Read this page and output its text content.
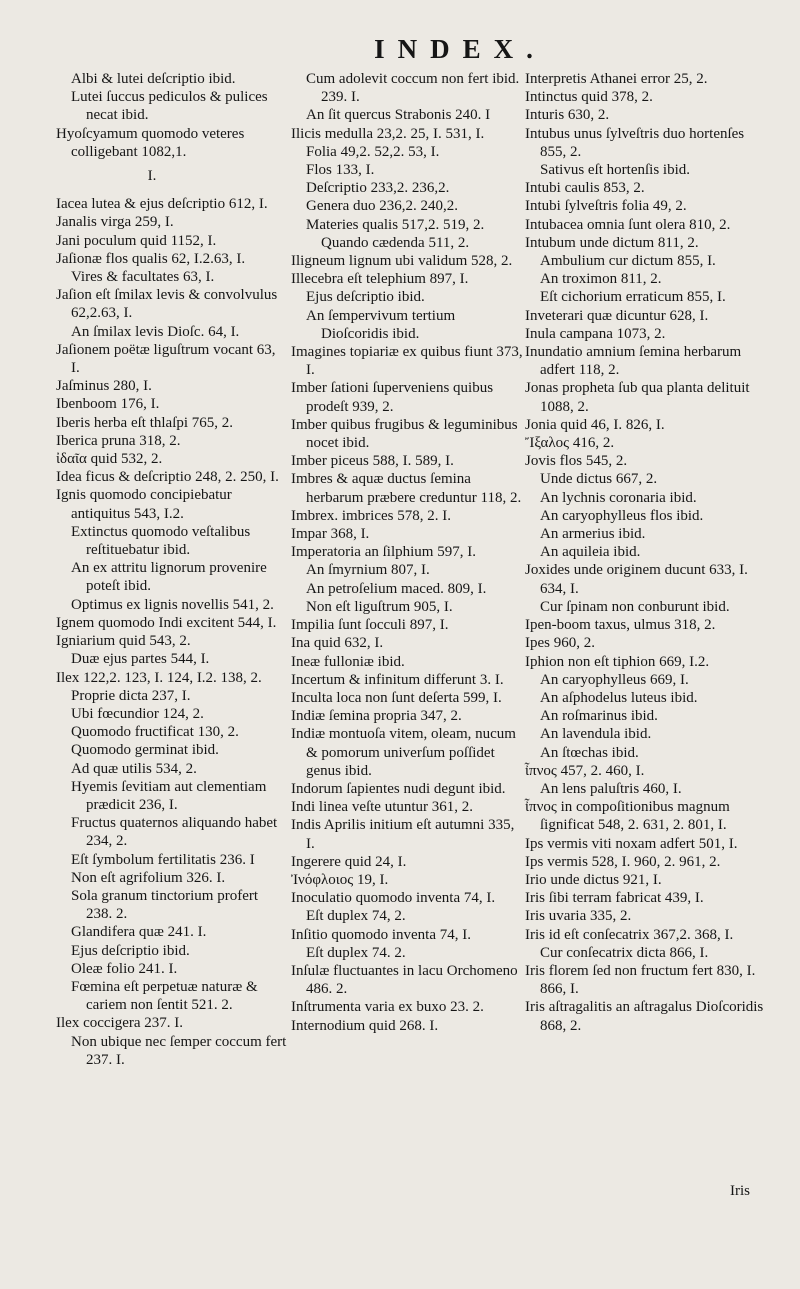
INDEX.
Albi & lutei deſcriptio ibid.
Lutei ſuccus pediculos & pulices necat ibid.
Hyoſcyamum quomodo veteres colligebant 1082,1.
I.
Iacea lutea & ejus deſcriptio 612, I.
Janalis virga 259, I.
Jani poculum quid 1152, I.
Jaſionæ flos qualis 62, I.2.63, I.
Vires & facultates 63, I.
Jaſion eſt ſmilax levis & convolvulus 62,2.63, I.
An ſmilax levis Dioſc. 64, I.
Jaſionem poëtæ liguſtrum vocant 63, I.
Jaſminus 280, I.
Ibenboom 176, I.
Iberis herba eſt thlaſpi 765, 2.
Iberica pruna 318, 2.
ἰδαῖα quid 532, 2.
Idea ficus & deſcriptio 248, 2. 250, I.
Ignis quomodo concipiebatur antiquitus 543, I.2.
Extinctus quomodo veſtalibus reſtituebatur ibid.
An ex attritu lignorum provenire poteſt ibid.
Optimus ex lignis novellis 541, 2.
Ignem quomodo Indi excitent 544, I.
Igniarium quid 543, 2.
Duæ ejus partes 544, I.
Ilex 122,2. 123, I. 124, I.2. 138, 2.
Proprie dicta 237, I.
Ubi fœcundior 124, 2.
Quomodo fructificat 130, 2.
Quomodo germinat ibid.
Ad quæ utilis 534, 2.
Hyemis ſevitiam aut clementiam prædicit 236, I.
Fructus quaternos aliquando habet 234, 2.
Eſt ſymbolum fertilitatis 236. I
Non eſt agrifolium 326. I.
Sola granum tinctorium profert 238. 2.
Glandifera quæ 241. I.
Ejus deſcriptio ibid.
Oleæ folio 241. I.
Fœmina eſt perpetuæ naturæ & cariem non ſentit 521. 2.
Ilex coccigera 237. I.
Non ubique nec ſemper coccum fert 237. I.
Cum adolevit coccum non fert ibid. 239. I.
An ſit quercus Strabonis 240. I
Ilicis medulla 23,2. 25, I. 531, I.
Folia 49,2. 52,2. 53, I.
Flos 133, I.
Deſcriptio 233,2. 236,2.
Genera duo 236,2. 240,2.
Materies qualis 517,2. 519, 2.
Quando cædenda 511, 2.
Iligneum lignum ubi validum 528, 2.
Illecebra eſt telephium 897, I.
Ejus deſcriptio ibid.
An ſempervivum tertium Dioſcoridis ibid.
Imagines topiariæ ex quibus fiunt 373, I.
Imber ſationi ſuperveniens quibus prodeſt 939, 2.
Imber quibus frugibus & leguminibus nocet ibid.
Imber piceus 588, I. 589, I.
Imbres & aquæ ductus ſemina herbarum præbere creduntur 118, 2.
Imbrex. imbrices 578, 2. I.
Impar 368, I.
Imperatoria an ſilphium 597, I.
An ſmyrnium 807, I.
An petroſelium maced. 809, I.
Non eſt liguſtrum 905, I.
Impilia ſunt ſocculi 897, I.
Ina quid 632, I.
Ineæ fulloniæ ibid.
Incertum & infinitum differunt 3. I.
Inculta loca non ſunt deſerta 599, I.
Indiæ ſemina propria 347, 2.
Indiæ montuoſa vitem, oleam, nucum & pomorum univerſum poſſidet genus ibid.
Indorum ſapientes nudi degunt ibid.
Indi linea veſte utuntur 361, 2.
Indis Aprilis initium eſt autumni 335, I.
Ingerere quid 24, I.
Ἰνόφλοιος 19, I.
Inoculatio quomodo inventa 74, I.
Eſt duplex 74, 2.
Inſitio quomodo inventa 74, I.
Eſt duplex 74. 2.
Inſulæ fluctuantes in lacu Orchomeno 486. 2.
Inſtrumenta varia ex buxo 23. 2.
Internodium quid 268. I.
Interpretis Athanei error 25, 2.
Intinctus quid 378, 2.
Inturis 630, 2.
Intubus unus ſylveſtris duo hortenſes 855, 2.
Sativus eſt hortenſis ibid.
Intubi caulis 853, 2.
Intubi ſylveſtris folia 49, 2.
Intubacea omnia ſunt olera 810, 2.
Intubum unde dictum 811, 2.
Ambulium cur dictum 855, I.
An troximon 811, 2.
Eſt cichorium erraticum 855, I.
Inveterari quæ dicuntur 628, I.
Inula campana 1073, 2.
Inundatio amnium ſemina herbarum adfert 118, 2.
Jonas propheta ſub qua planta delituit 1088, 2.
Jonia quid 46, I. 826, I.
Ἴξαλος 416, 2.
Jovis flos 545, 2.
Unde dictus 667, 2.
An lychnis coronaria ibid.
An caryophylleus flos ibid.
An armerius ibid.
An aquileia ibid.
Joxides unde originem ducunt 633, I. 634, I.
Cur ſpinam non conburunt ibid.
Ipen-boom taxus, ulmus 318, 2.
Ipes 960, 2.
Iphion non eſt tiphion 669, I.2.
An caryophylleus 669, I.
An aſphodelus luteus ibid.
An roſmarinus ibid.
An lavendula ibid.
An ſtœchas ibid.
ἶπνος 457, 2. 460, I.
An lens paluſtris 460, I.
ἶπνος in compoſitionibus magnum ſignificat 548, 2. 631, 2. 801, I.
Ips vermis viti noxam adfert 501, I.
Ips vermis 528, I. 960, 2. 961, 2.
Irio unde dictus 921, I.
Iris ſibi terram fabricat 439, I.
Iris uvaria 335, 2.
Iris id eſt conſecatrix 367,2. 368, I.
Cur conſecatrix dicta 866, I.
Iris florem ſed non fructum fert 830, I. 866, I.
Iris aſtragalitis an aſtragalus Dioſcoridis 868, 2.
Iris
